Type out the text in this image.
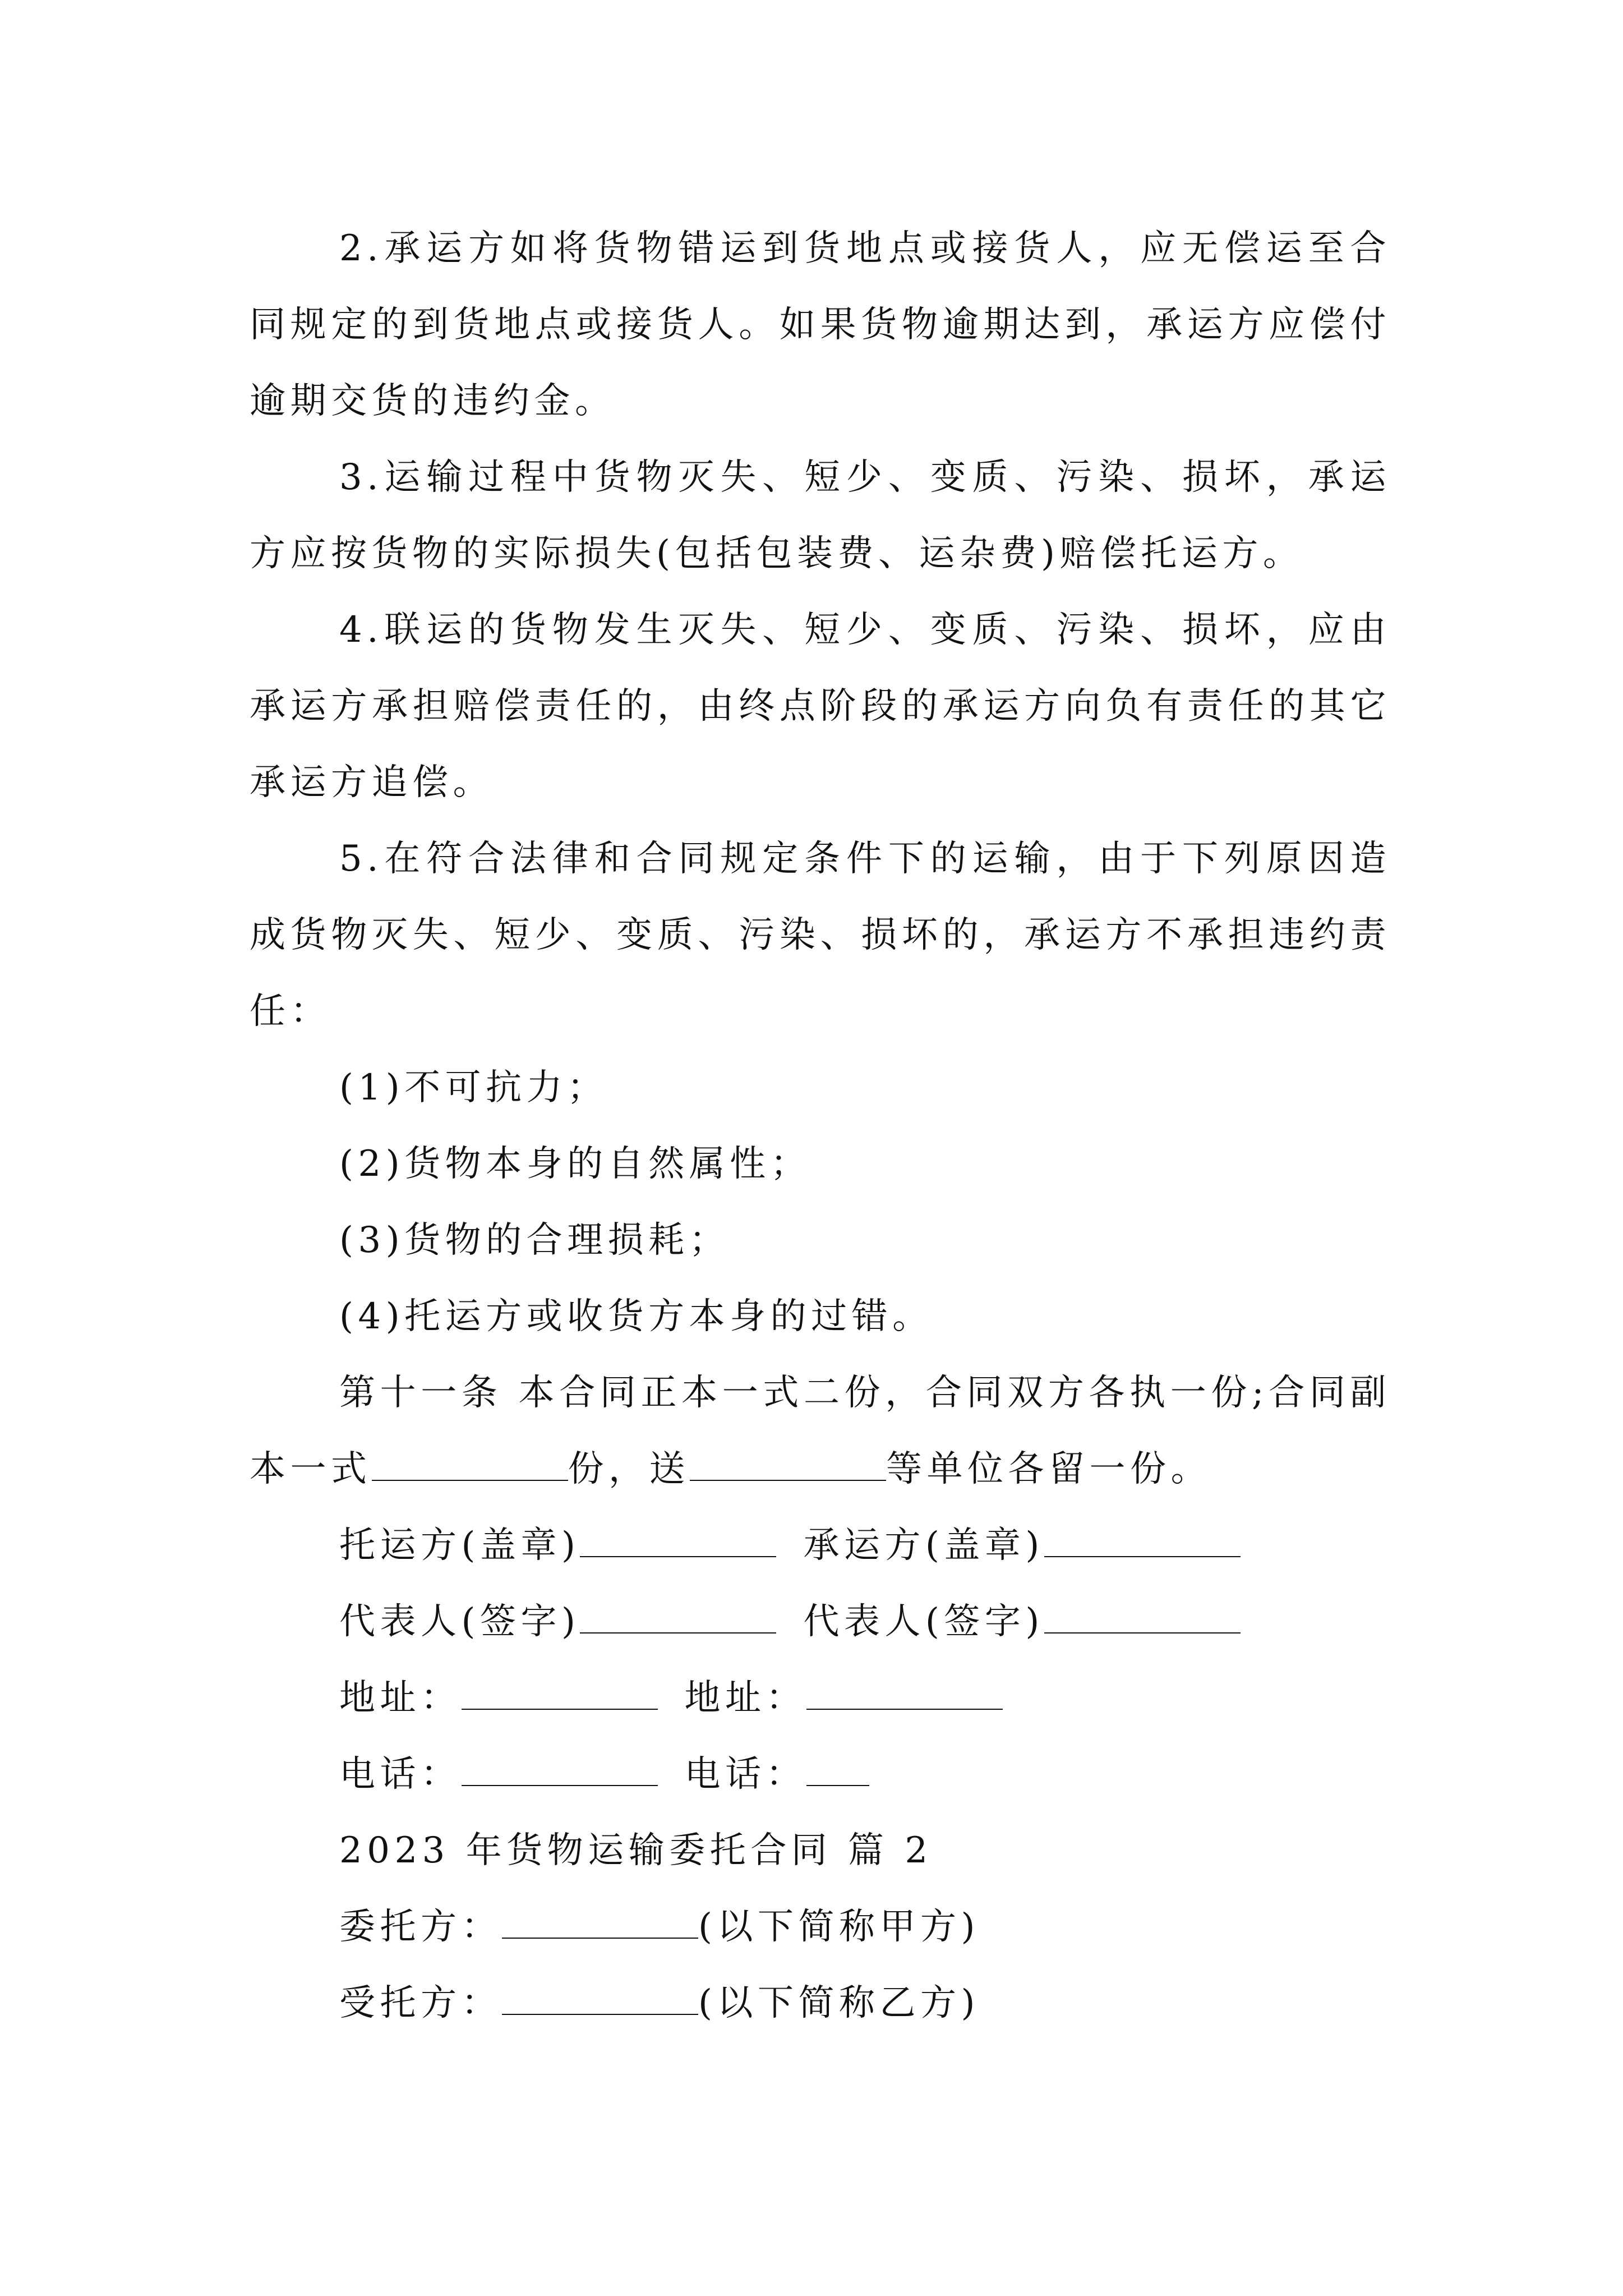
2.承运方如将货物错运到货地点或接货人，应无偿运至合同规定的到货地点或接货人。如果货物逾期达到，承运方应偿付逾期交货的违约金。

3.运输过程中货物灭失、短少、变质、污染、损坏，承运方应按货物的实际损失(包括包装费、运杂费)赔偿托运方。

4.联运的货物发生灭失、短少、变质、污染、损坏，应由承运方承担赔偿责任的，由终点阶段的承运方向负有责任的其它承运方追偿。

5.在符合法律和合同规定条件下的运输，由于下列原因造成货物灭失、短少、变质、污染、损坏的，承运方不承担违约责任：

(1)不可抗力；

(2)货物本身的自然属性；

(3)货物的合理损耗；

(4)托运方或收货方本身的过错。

第十一条 本合同正本一式二份，合同双方各执一份;合同副本一式	份，送	等单位各留一份。

托运方(盖章)	承运方(盖章)

代表人(签字)	代表人(签字)

地址：	地址：

电话：	电话：

2023 年货物运输委托合同 篇 2

委托方：	(以下简称甲方)

受托方：	(以下简称乙方)
